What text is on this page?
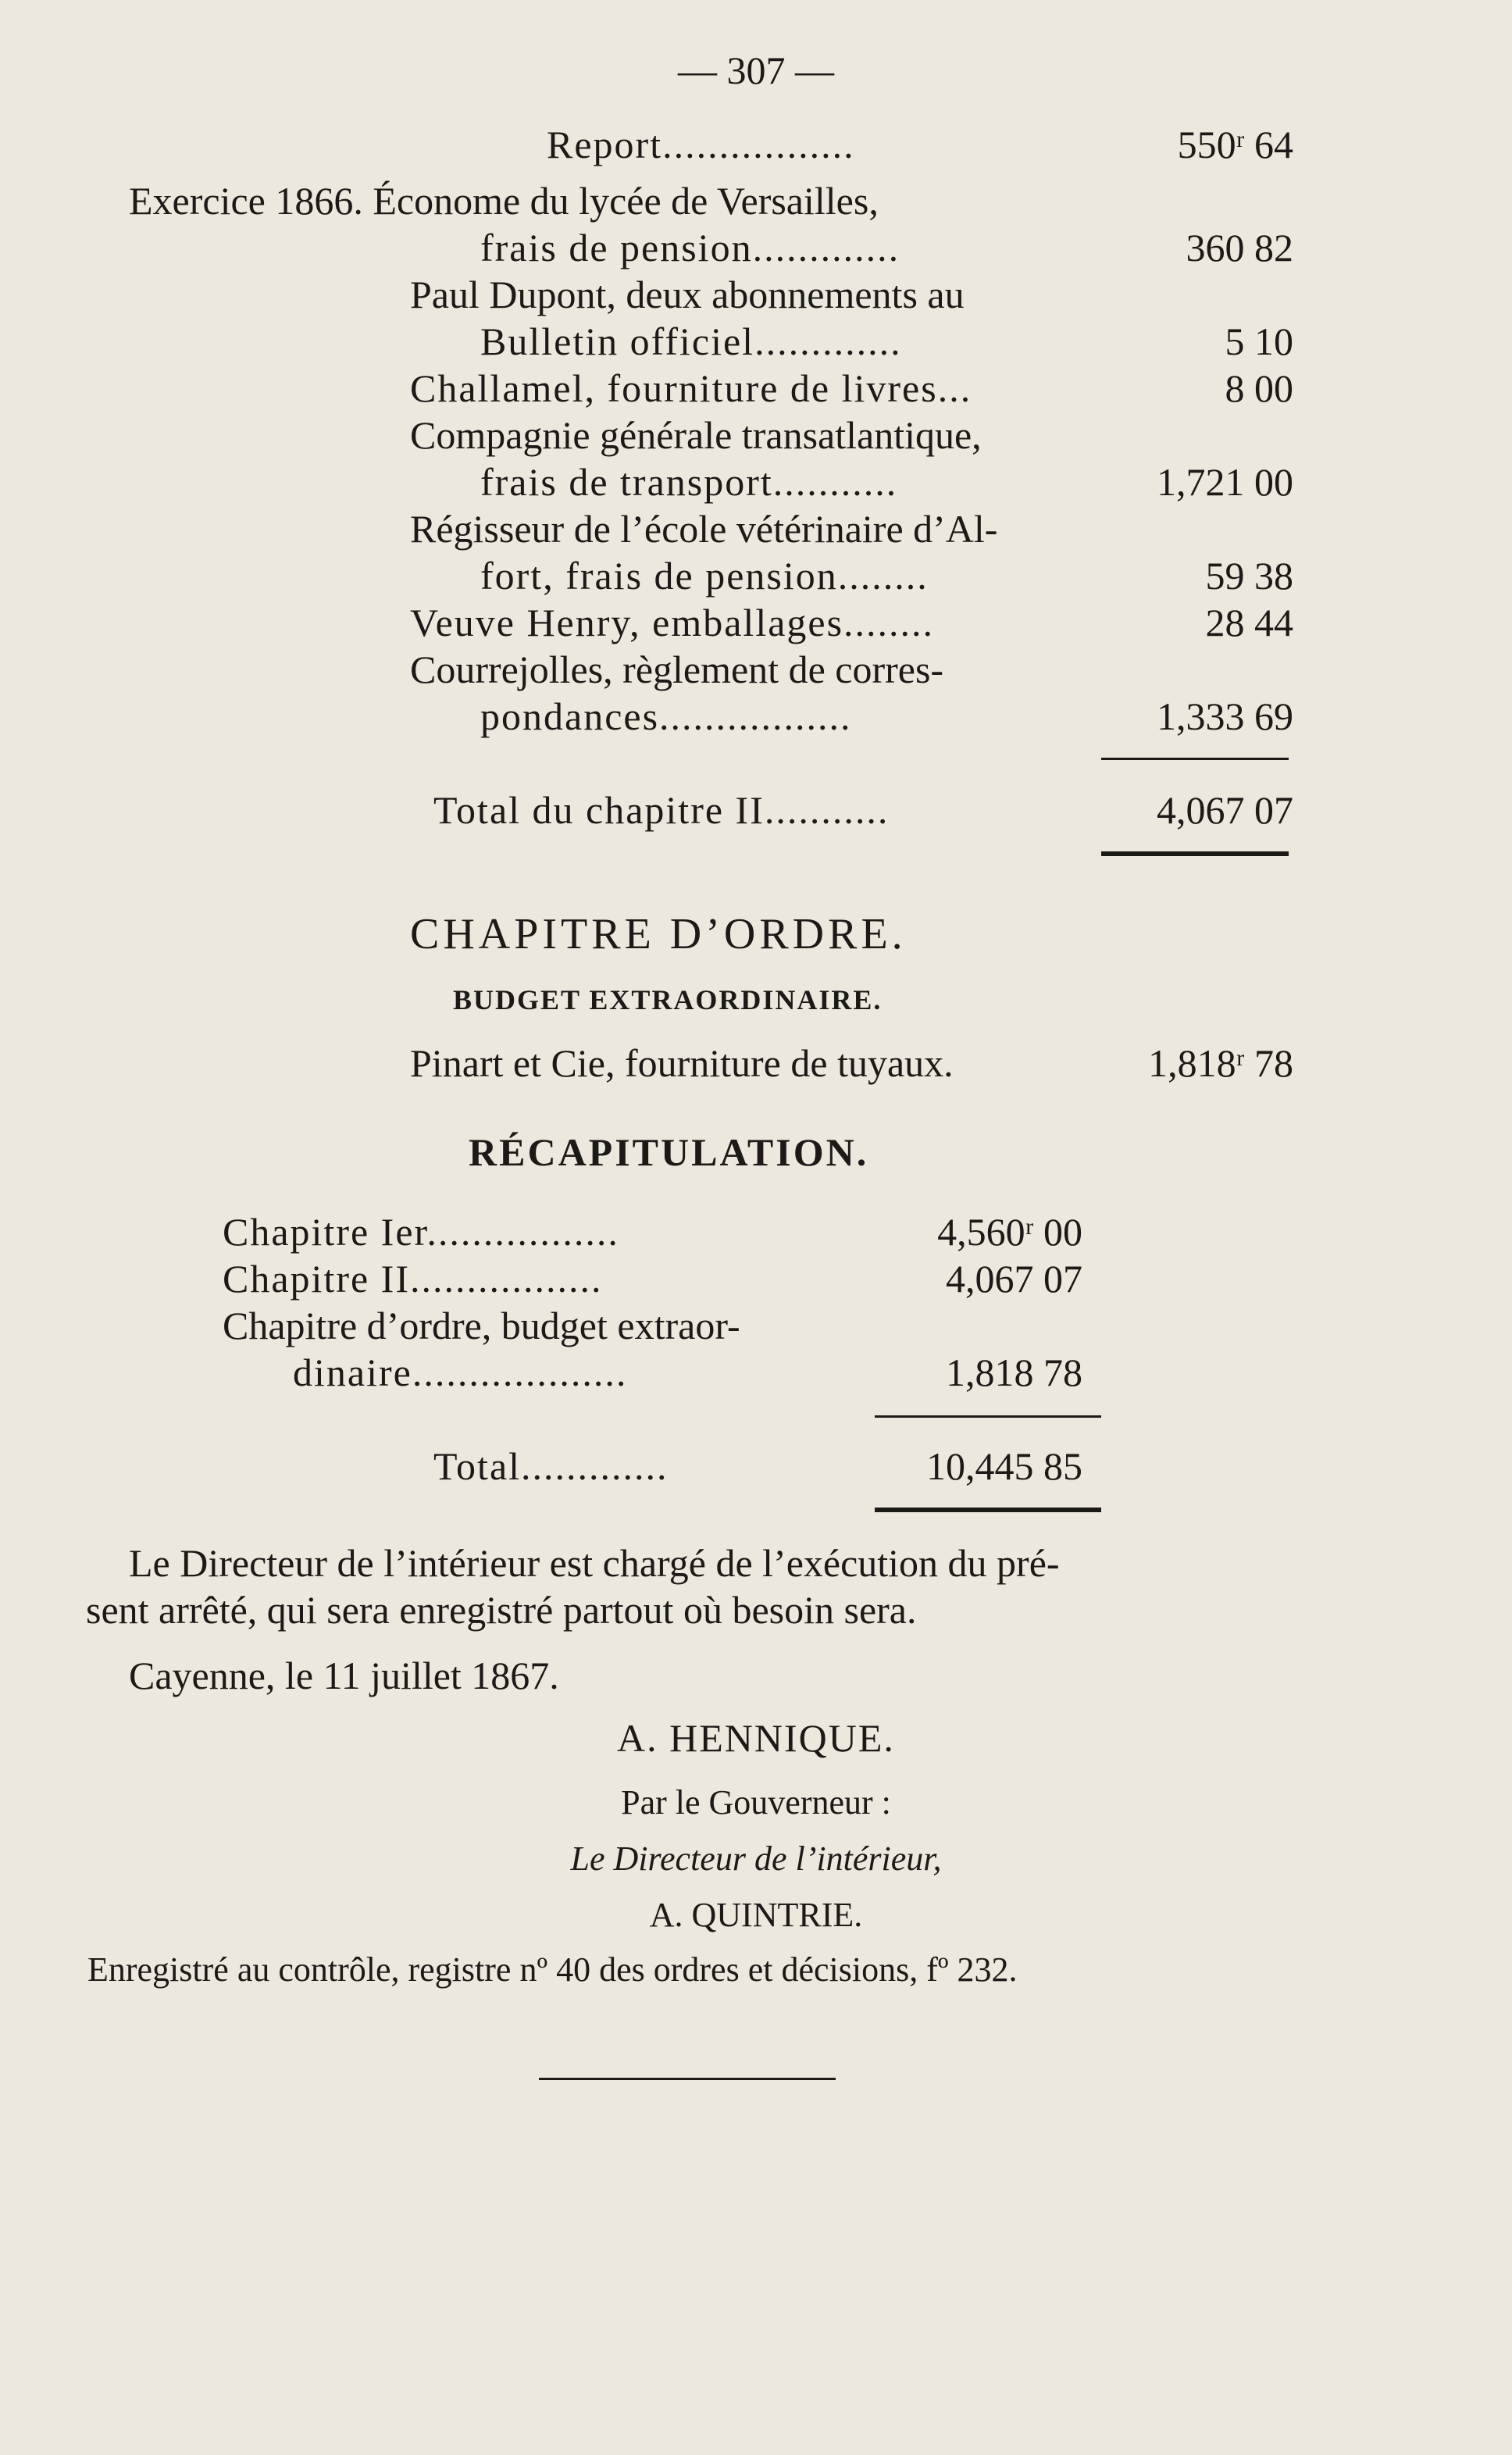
— 307 —
Report.................	550ʳ 64
Exercice 1866. Économe du lycée de Versailles,
frais de pension.............	360 82
Paul Dupont, deux abonnements au
Bulletin officiel.............	5 10
Challamel, fourniture de livres...	8 00
Compagnie générale transatlantique,
frais de transport...........	1,721 00
Régisseur de l’école vétérinaire d’Al-
fort, frais de pension........	59 38
Veuve Henry, emballages........	28 44
Courrejolles, règlement de corres-
pondances.................	1,333 69
Total du chapitre II...........	4,067 07
CHAPITRE D’ORDRE.
BUDGET EXTRAORDINAIRE.
Pinart et Cie, fourniture de tuyaux.	1,818ʳ 78
RÉCAPITULATION.
Chapitre Ier.................	4,560ʳ 00
Chapitre II.................	4,067 07
Chapitre d’ordre, budget extraor-
dinaire...................	1,818 78
Total.............	10,445 85
Le Directeur de l’intérieur est chargé de l’exécution du pré-
sent arrêté, qui sera enregistré partout où besoin sera.
Cayenne, le 11 juillet 1867.
A. HENNIQUE.
Par le Gouverneur :
Le Directeur de l’intérieur,
A. QUINTRIE.
Enregistré au contrôle, registre nº 40 des ordres et décisions, fº 232.
